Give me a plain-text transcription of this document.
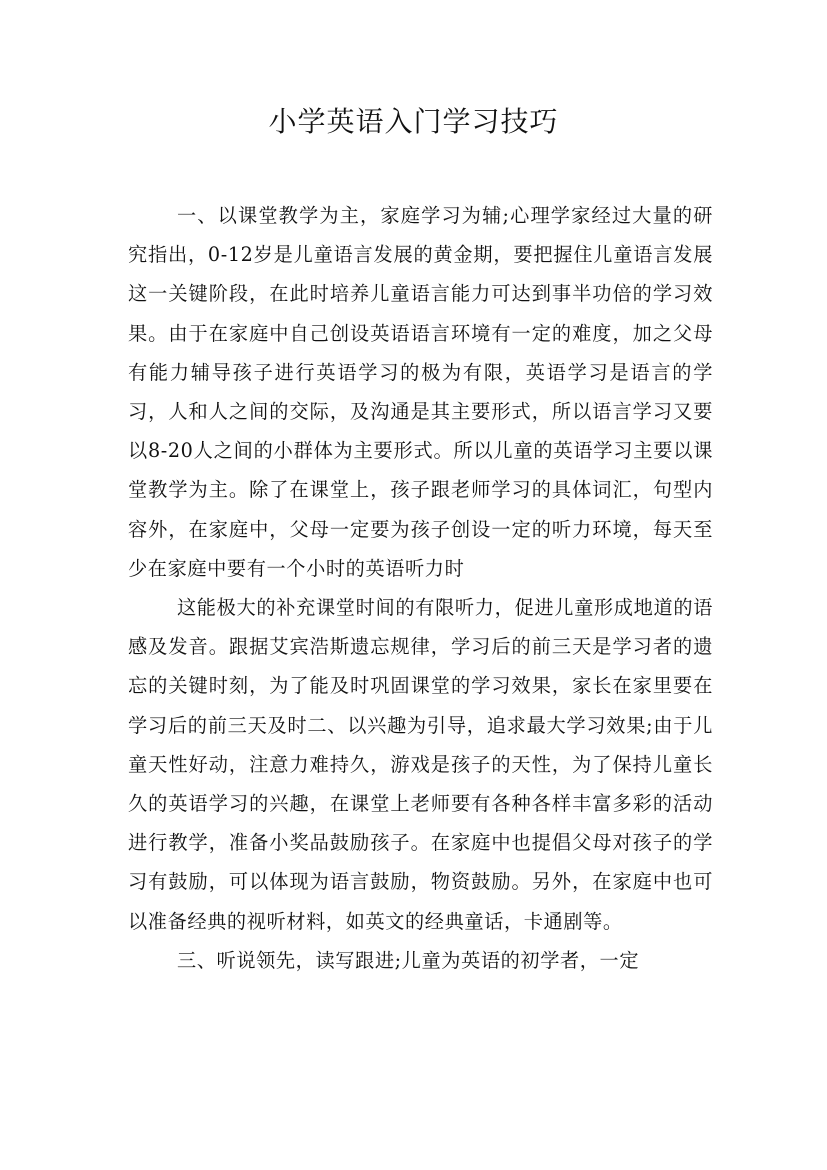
小学英语入门学习技巧

一、以课堂教学为主，家庭学习为辅;心理学家经过大量的研究指出，0-12岁是儿童语言发展的黄金期，要把握住儿童语言发展这一关键阶段，在此时培养儿童语言能力可达到事半功倍的学习效果。由于在家庭中自己创设英语语言环境有一定的难度，加之父母有能力辅导孩子进行英语学习的极为有限，英语学习是语言的学习，人和人之间的交际，及沟通是其主要形式，所以语言学习又要以8-20人之间的小群体为主要形式。所以儿童的英语学习主要以课堂教学为主。除了在课堂上，孩子跟老师学习的具体词汇，句型内容外，在家庭中，父母一定要为孩子创设一定的听力环境，每天至少在家庭中要有一个小时的英语听力时

这能极大的补充课堂时间的有限听力，促进儿童形成地道的语感及发音。跟据艾宾浩斯遗忘规律，学习后的前三天是学习者的遗忘的关键时刻，为了能及时巩固课堂的学习效果，家长在家里要在学习后的前三天及时二、以兴趣为引导，追求最大学习效果;由于儿童天性好动，注意力难持久，游戏是孩子的天性，为了保持儿童长久的英语学习的兴趣，在课堂上老师要有各种各样丰富多彩的活动进行教学，准备小奖品鼓励孩子。在家庭中也提倡父母对孩子的学习有鼓励，可以体现为语言鼓励，物资鼓励。另外，在家庭中也可以准备经典的视听材料，如英文的经典童话，卡通剧等。

三、听说领先，读写跟进;儿童为英语的初学者，一定
